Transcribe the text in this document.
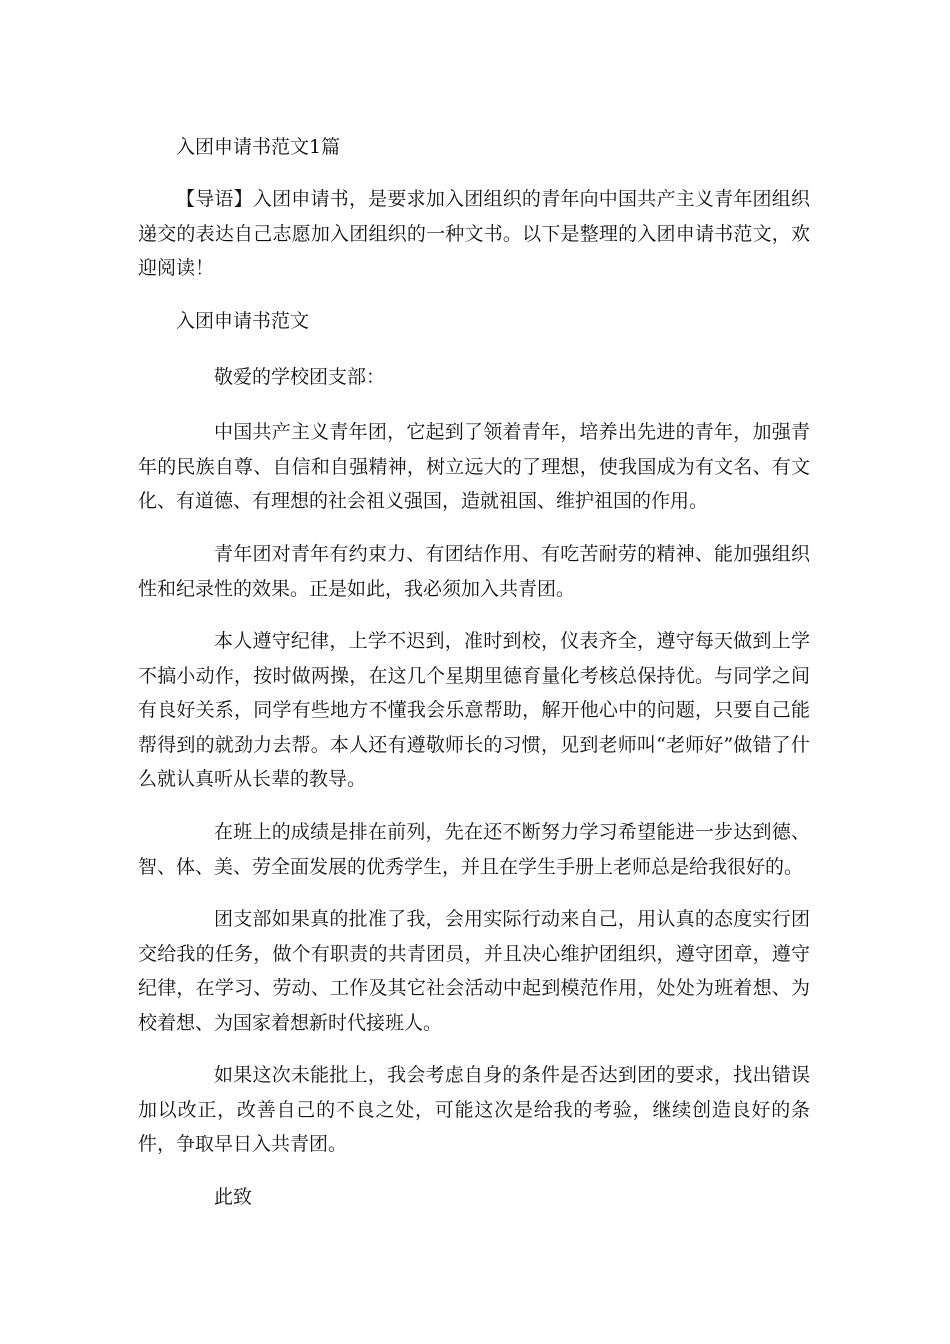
入团申请书范文1篇

【导语】入团申请书，是要求加入团组织的青年向中国共产主义青年团组织递交的表达自己志愿加入团组织的一种文书。以下是整理的入团申请书范文，欢迎阅读！

入团申请书范文

敬爱的学校团支部：

中国共产主义青年团，它起到了领着青年，培养出先进的青年，加强青年的民族自尊、自信和自强精神，树立远大的了理想，使我国成为有文名、有文化、有道德、有理想的社会祖义强国，造就祖国、维护祖国的作用。

青年团对青年有约束力、有团结作用、有吃苦耐劳的精神、能加强组织性和纪录性的效果。正是如此，我必须加入共青团。

本人遵守纪律，上学不迟到，准时到校，仪表齐全，遵守每天做到上学不搞小动作，按时做两操，在这几个星期里德育量化考核总保持优。与同学之间有良好关系，同学有些地方不懂我会乐意帮助，解开他心中的问题，只要自己能帮得到的就劲力去帮。本人还有遵敬师长的习惯，见到老师叫“老师好”做错了什么就认真听从长辈的教导。

在班上的成绩是排在前列，先在还不断努力学习希望能进一步达到德、智、体、美、劳全面发展的优秀学生，并且在学生手册上老师总是给我很好的。

团支部如果真的批准了我，会用实际行动来自己，用认真的态度实行团交给我的任务，做个有职责的共青团员，并且决心维护团组织，遵守团章，遵守纪律，在学习、劳动、工作及其它社会活动中起到模范作用，处处为班着想、为校着想、为国家着想新时代接班人。

如果这次未能批上，我会考虑自身的条件是否达到团的要求，找出错误加以改正，改善自己的不良之处，可能这次是给我的考验，继续创造良好的条件，争取早日入共青团。

此致
